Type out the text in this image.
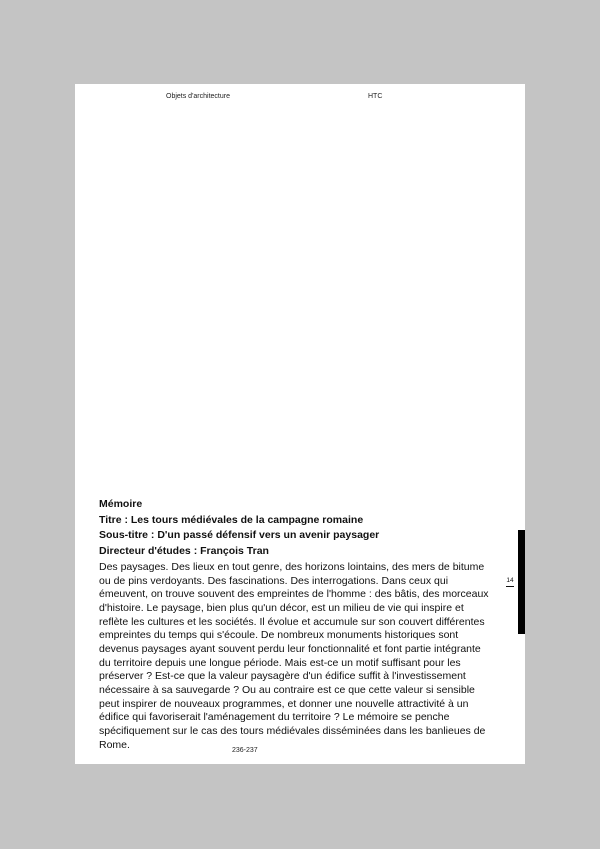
Objets d'architecture	HTC
Mémoire
Titre : Les tours médiévales de la campagne romaine
Sous-titre : D'un passé défensif vers un avenir paysager
Directeur d'études : François Tran

Des paysages. Des lieux en tout genre, des horizons lointains, des mers de bitume ou de pins verdoyants. Des fascinations. Des interrogations. Dans ceux qui émeuvent, on trouve souvent des empreintes de l'homme : des bâtis, des morceaux d'histoire. Le paysage, bien plus qu'un décor, est un milieu de vie qui inspire et reflète les cultures et les sociétés. Il évolue et accumule sur son couvert différentes empreintes du temps qui s'écoule. De nombreux monuments historiques sont devenus paysages ayant souvent perdu leur fonctionnalité et font partie intégrante du territoire depuis une longue période. Mais est-ce un motif suffisant pour les préserver ? Est-ce que la valeur paysagère d'un édifice suffit à l'investissement nécessaire à sa sauvegarde ? Ou au contraire est ce que cette valeur si sensible peut inspirer de nouveaux programmes, et donner une nouvelle attractivité à un édifice qui favoriserait l'aménagement du territoire ? Le mémoire se penche spécifiquement sur le cas des tours médiévales disséminées dans les banlieues de Rome.

14
236-237
